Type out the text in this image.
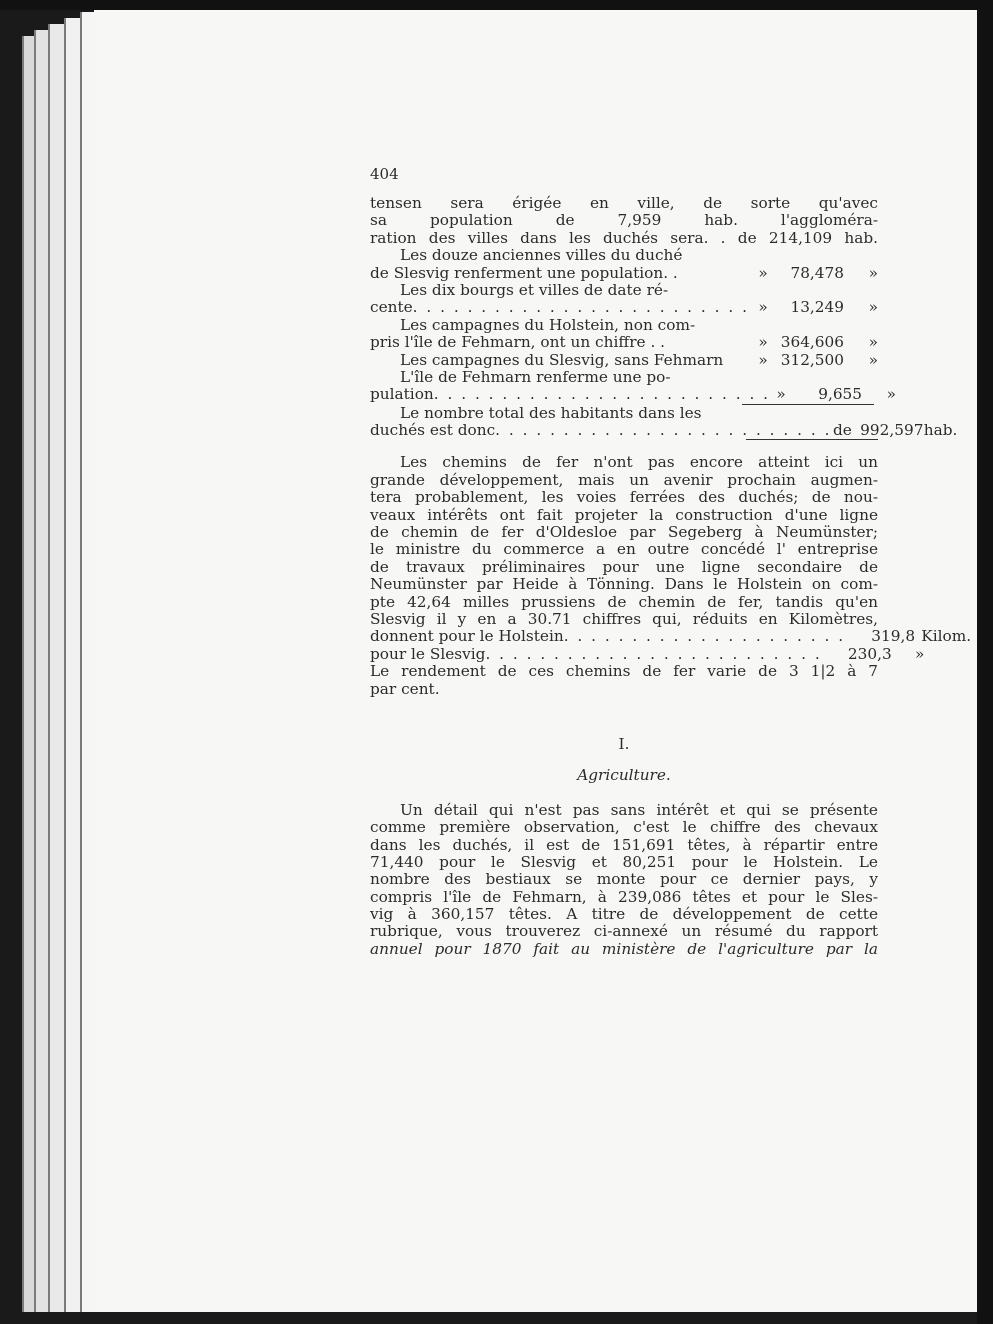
404
tensen sera érigée en ville, de sorte qu'avec
sa population de 7,959 hab. l'aggloméra-
ration des villes dans les duchés sera. . de 214,109 hab.
Les douze anciennes villes du duché
de Slesvig renferment une population. .	»	78,478	»
Les dix bourgs et villes de date ré-
cente . . . . . . . . . . . . . . . . . . . . . . . . . »	13,249	»
Les campagnes du Holstein, non com-
pris l'île de Fehmarn, ont un chiffre . .	» 364,606	»
Les campagnes du Slesvig, sans Fehmarn	» 312,500	»
L'île de Fehmarn renferme une po-
pulation . . . . . . . . . . . . . . . . . . . . . . . . . »	9,655	»
Le nombre total des habitants dans les
duchés est donc . . . . . . . . . . . . . . . . . . . . . . . . . de 992,597 hab.
Les chemins de fer n'ont pas encore atteint ici un
grande développement, mais un avenir prochain augmen-
tera probablement, les voies ferrées des duchés; de nou-
veaux intérêts ont fait projeter la construction d'une ligne
de chemin de fer d'Oldesloe par Segeberg à Neumünster;
le ministre du commerce a en outre concédé l' entreprise
de travaux préliminaires pour une ligne secondaire de
Neumünster par Heide à Tönning. Dans le Holstein on com-
pte 42,64 milles prussiens de chemin de fer, tandis qu'en
Slesvig il y en a 30.71 chiffres qui, réduits en Kilomètres,
donnent pour le Holstein . . . . . . . . . . . . . . . . . . . . .	319,8 Kilom.
pour le Slesvig . . . . . . . . . . . . . . . . . . . . . . . . .	230,3	»
Le rendement de ces chemins de fer varie de 3 1|2 à 7
par cent.
I.
Agriculture.
Un détail qui n'est pas sans intérêt et qui se présente
comme première observation, c'est le chiffre des chevaux
dans les duchés, il est de 151,691 têtes, à répartir entre
71,440 pour le Slesvig et 80,251 pour le Holstein. Le
nombre des bestiaux se monte pour ce dernier pays, y
compris l'île de Fehmarn, à 239,086 têtes et pour le Sles-
vig à 360,157 têtes. A titre de développement de cette
rubrique, vous trouverez ci-annexé un résumé du rapport
annuel pour 1870 fait au ministère de l'agriculture par la
